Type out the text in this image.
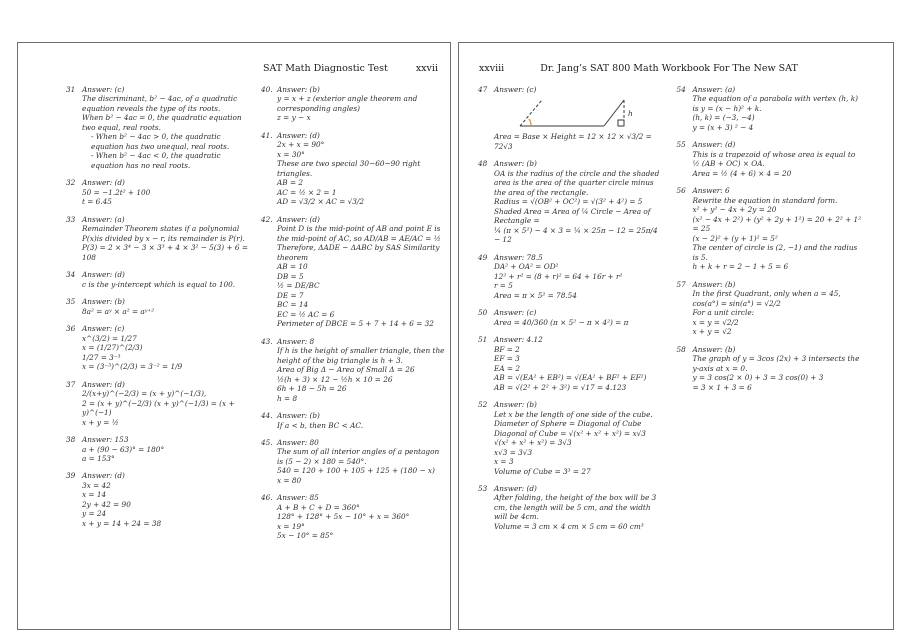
SAT Math Diagnostic Test	xxvii
31 Answer: (c)
The discriminant, b² − 4ac, of a quadratic equation reveals the type of its roots.
When b² − 4ac = 0, the quadratic equation two equal, real roots.
- When b² − 4ac > 0, the quadratic equation has two unequal, real roots.
- When b² − 4ac < 0, the quadratic equation has no real roots.
32 Answer: (d)
50 = −1.2t² + 100
t = 6.45
33 Answer: (a)
Remainder Theorem states if a polynomial P(x)is divided by x − r, its remainder is P(r).
P(3) = 2 × 3⁴ − 3 × 3³ + 4 × 3² − 5(3) + 6 = 108
34 Answer: (d)
c is the y-intercept which is equal to 100.
35 Answer: (b)
8a² = aʸ × a² = aʸ⁺²
36 Answer: (c)
x^(3/2) = 1/27
x = (1/27)^(2/3)
1/27 = 3⁻³
x = (3⁻³)^(2/3) = 3⁻² = 1/9
37 Answer: (d)
2/(x+y)^(−2/3) = (x + y)^(−1/3),
2 = (x + y)^(−2/3) (x + y)^(−1/3) = (x + y)^(−1)
x + y = ½
38 Answer: 153
a + (90 − 63)° = 180°
a = 153°
39 Answer: (d)
3x = 42
x = 14
2y + 42 = 90
y = 24
x + y = 14 + 24 = 38
40. Answer: (b)
y = x + z (exterior angle theorem and corresponding angles)
z = y − x
41. Answer: (d)
2x + x = 90°
x = 30°
These are two special 30−60−90 right triangles.
AB = 2
AC = ½ × 2 = 1
AD = √3/2 × AC = √3/2
42. Answer: (d)
Point D is the mid-point of AB and point E is the mid-point of AC, so AD/AB = AE/AC = ½
Therefore, ΔADE ~ ΔABC by SAS Similarity theorem
AB = 10
DB = 5
½ = DE/BC
DE = 7
BC = 14
EC = ½ AC = 6
Perimeter of DBCE = 5 + 7 + 14 + 6 = 32
43. Answer: 8
If h is the height of smaller triangle, then the height of the big triangle is h + 3.
Area of Big Δ − Area of Small Δ = 26
½(h + 3) × 12 − ½h × 10 = 26
6h + 18 − 5h = 26
h = 8
44. Answer: (b)
If a < b, then BC < AC.
45. Answer: 80
The sum of all interior angles of a pentagon is (5 − 2) × 180 = 540°.
540 = 120 + 100 + 105 + 125 + (180 − x)
x = 80
46. Answer: 85
A + B + C + D = 360°
128° + 128° + 5x − 10° + x = 360°
x = 19°
5x − 10° = 85°
xxviii	Dr. Jang’s SAT 800 Math Workbook For The New SAT
47 Answer: (c)
h
Area = Base × Height = 12 × 12 × √3/2 = 72√3
48 Answer: (b)
OA is the radius of the circle and the shaded area is the area of the quarter circle minus the area of the rectangle.
Radius = √(OB² + OC²) = √(3² + 4²) = 5
Shaded Area = Area of ¼ Circle − Area of Rectangle =
¼ (π × 5²) − 4 × 3 = ¼ × 25π − 12 = 25π/4 − 12
49 Answer: 78.5
DA² + OA² = OD²
12² + r² = (8 + r)² = 64 + 16r + r²
r = 5
Area = π × 5² = 78.54
50 Answer: (c)
Area = 40/360 (π × 5² − π × 4²) = π
51 Answer: 4.12
BF = 2
EF = 3
EA = 2
AB = √(EA² + EB²) = √(EA² + BF² + EF²)
AB = √(2² + 2² + 3²) = √17 = 4.123
52 Answer: (b)
Let x be the length of one side of the cube.
Diameter of Sphere = Diagonal of Cube
Diagonal of Cube = √(x² + x² + x²) = x√3
√(x² + x² + x²) = 3√3
x√3 = 3√3
x = 3
Volume of Cube = 3³ = 27
53 Answer: (d)
After folding, the height of the box will be 3 cm, the length will be 5 cm, and the width will be 4cm.
Volume = 3 cm × 4 cm × 5 cm = 60 cm³
54 Answer: (a)
The equation of a parabola with vertex (h, k) is y = (x − h)² + k.
(h, k) = (−3, −4)
y = (x + 3) ² − 4
55 Answer: (d)
This is a trapezoid of whose area is equal to ½ (AB + OC) × OA.
Area = ½ (4 + 6) × 4 = 20
56 Answer: 6
Rewrite the equation in standard form.
x² + y² − 4x + 2y = 20
(x² − 4x + 2²) + (y² + 2y + 1²) = 20 + 2² + 1² = 25
(x − 2)² + (y + 1)² = 5²
The center of circle is (2, −1) and the radius is 5.
h + k + r = 2 − 1 + 5 = 6
57 Answer: (b)
In the first Quadrant, only when a = 45, cos(a°) = sin(a°) = √2/2
For a unit circle:
x = y = √2/2
x + y = √2
58 Answer: (b)
The graph of y = 3cos (2x) + 3 intersects the y-axis at x = 0.
y = 3 cos(2 × 0) + 3 = 3 cos(0) + 3
= 3 × 1 + 3 = 6
